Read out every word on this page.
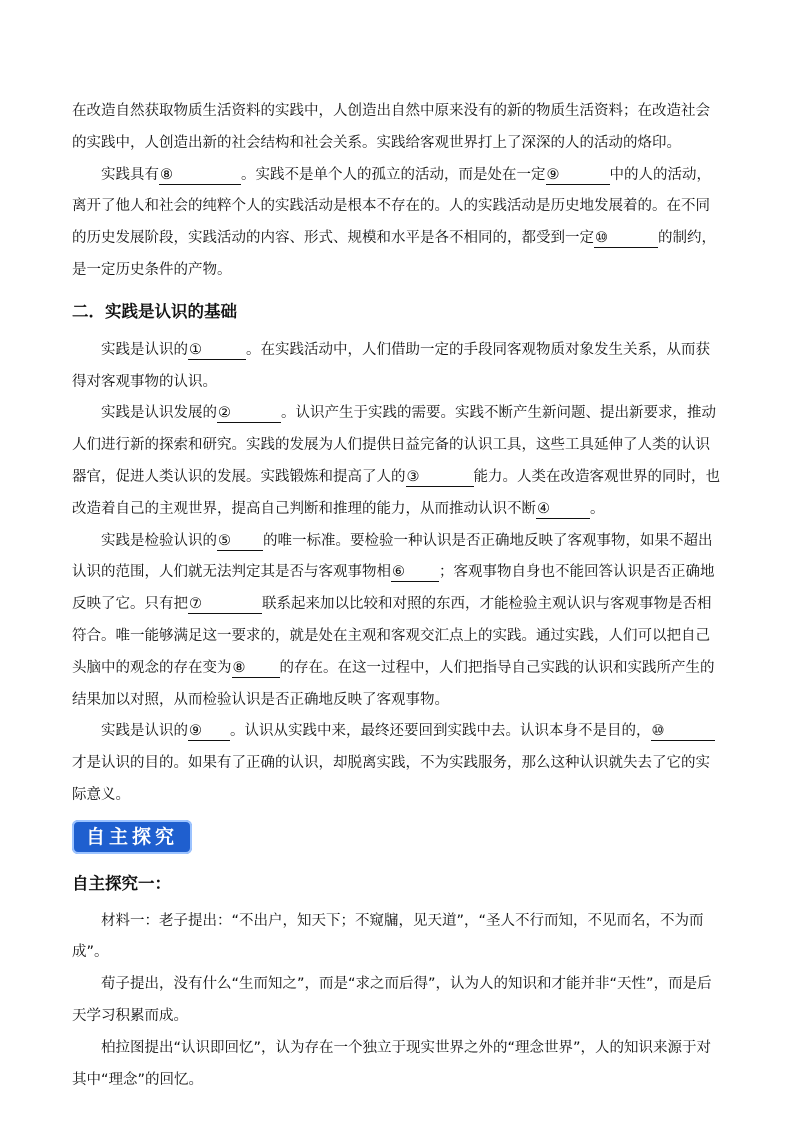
在改造自然获取物质生活资料的实践中，人创造出自然中原来没有的新的物质生活资料；在改造社会的实践中，人创造出新的社会结构和社会关系。实践给客观世界打上了深深的人的活动的烙印。

实践具有⑧	。实践不是单个人的孤立的活动，而是处在一定⑨	中的人的活动，离开了他人和社会的纯粹个人的实践活动是根本不存在的。人的实践活动是历史地发展着的。在不同的历史发展阶段，实践活动的内容、形式、规模和水平是各不相同的，都受到一定⑩	的制约，是一定历史条件的产物。

二．实践是认识的基础

实践是认识的①	。在实践活动中，人们借助一定的手段同客观物质对象发生关系，从而获得对客观事物的认识。

实践是认识发展的②	。认识产生于实践的需要。实践不断产生新问题、提出新要求，推动人们进行新的探索和研究。实践的发展为人们提供日益完备的认识工具，这些工具延伸了人类的认识器官，促进人类认识的发展。实践锻炼和提高了人的③	能力。人类在改造客观世界的同时，也改造着自己的主观世界，提高自己判断和推理的能力，从而推动认识不断④	。

实践是检验认识的⑤ 的唯一标准。要检验一种认识是否正确地反映了客观事物，如果不超出认识的范围，人们就无法判定其是否与客观事物相⑥ ；客观事物自身也不能回答认识是否正确地反映了它。只有把⑦	联系起来加以比较和对照的东西，才能检验主观认识与客观事物是否相符合。唯一能够满足这一要求的，就是处在主观和客观交汇点上的实践。通过实践，人们可以把自己头脑中的观念的存在变为⑧ 的存在。在这一过程中，人们把指导自己实践的认识和实践所产生的结果加以对照，从而检验认识是否正确地反映了客观事物。

实践是认识的⑨ 。认识从实践中来，最终还要回到实践中去。认识本身不是目的，⑩才是认识的目的。如果有了正确的认识，却脱离实践，不为实践服务，那么这种认识就失去了它的实际意义。

自主探究
自主探究一：

材料一：老子提出：“不出户，知天下；不窥牖，见天道”，“圣人不行而知，不见而名，不为而成”。

荀子提出，没有什么“生而知之”，而是“求之而后得”，认为人的知识和才能并非“天性”，而是后天学习积累而成。

柏拉图提出“认识即回忆”，认为存在一个独立于现实世界之外的“理念世界”，人的知识来源于对其中“理念”的回忆。
